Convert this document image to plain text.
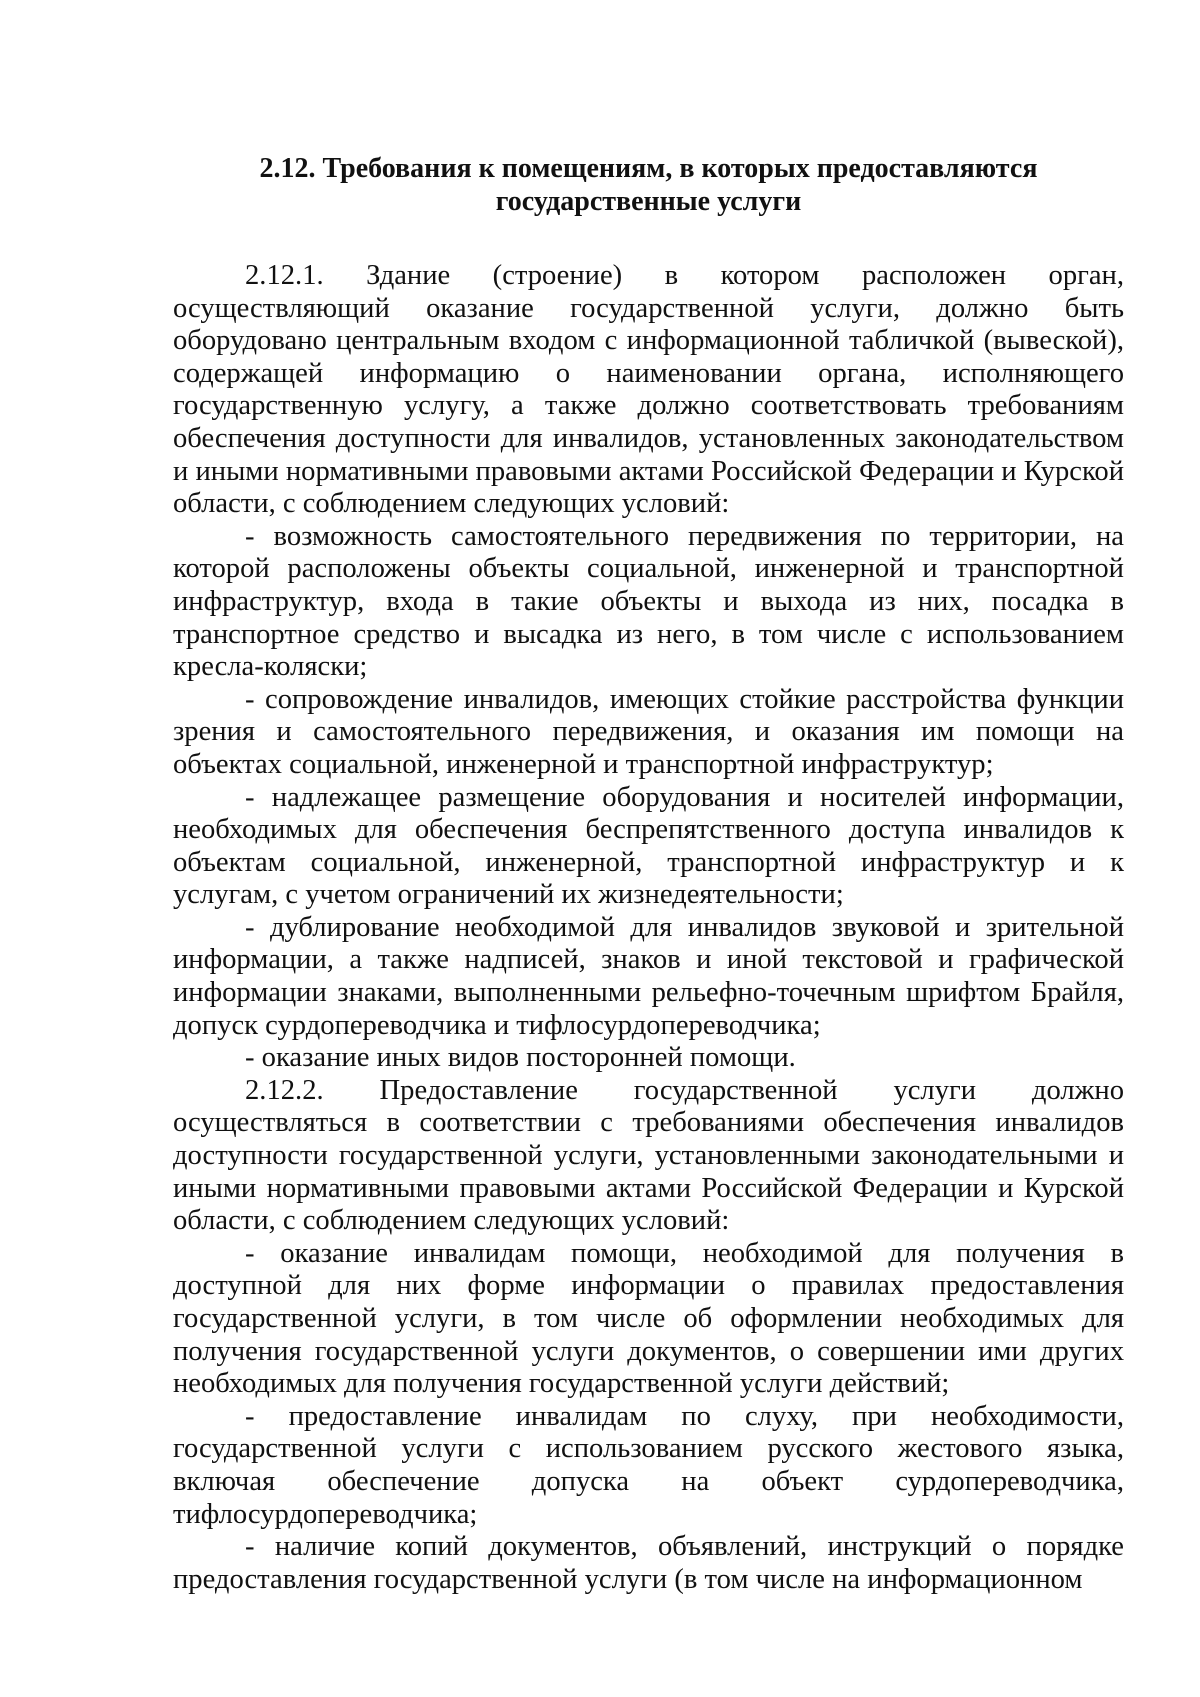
2.12. Требования к помещениям, в которых предоставляются
государственные услуги

2.12.1. Здание (строение) в котором расположен орган, осуществляющий оказание государственной услуги, должно быть оборудовано центральным входом с информационной табличкой (вывеской), содержащей информацию о наименовании органа, исполняющего государственную услугу, а также должно соответствовать требованиям обеспечения доступности для инвалидов, установленных законодательством и иными нормативными правовыми актами Российской Федерации и Курской области, с соблюдением следующих условий:

- возможность самостоятельного передвижения по территории, на которой расположены объекты социальной, инженерной и транспортной инфраструктур, входа в такие объекты и выхода из них, посадка в транспортное средство и высадка из него, в том числе с использованием кресла-коляски;

- сопровождение инвалидов, имеющих стойкие расстройства функции зрения и самостоятельного передвижения, и оказания им помощи на объектах социальной, инженерной и транспортной инфраструктур;

- надлежащее размещение оборудования и носителей информации, необходимых для обеспечения беспрепятственного доступа инвалидов к объектам социальной, инженерной, транспортной инфраструктур и к услугам, с учетом ограничений их жизнедеятельности;

- дублирование необходимой для инвалидов звуковой и зрительной информации, а также надписей, знаков и иной текстовой и графической информации знаками, выполненными рельефно-точечным шрифтом Брайля, допуск сурдопереводчика и тифлосурдопереводчика;

- оказание иных видов посторонней помощи.

2.12.2. Предоставление государственной услуги должно осуществляться в соответствии с требованиями обеспечения инвалидов доступности государственной услуги, установленными законодательными и иными нормативными правовыми актами Российской Федерации и Курской области, с соблюдением следующих условий:

- оказание инвалидам помощи, необходимой для получения в доступной для них форме информации о правилах предоставления государственной услуги, в том числе об оформлении необходимых для получения государственной услуги документов, о совершении ими других необходимых для получения государственной услуги действий;

- предоставление инвалидам по слуху, при необходимости, государственной услуги с использованием русского жестового языка, включая обеспечение допуска на объект сурдопереводчика, тифлосурдопереводчика;

- наличие копий документов, объявлений, инструкций о порядке предоставления государственной услуги (в том числе на информационном
